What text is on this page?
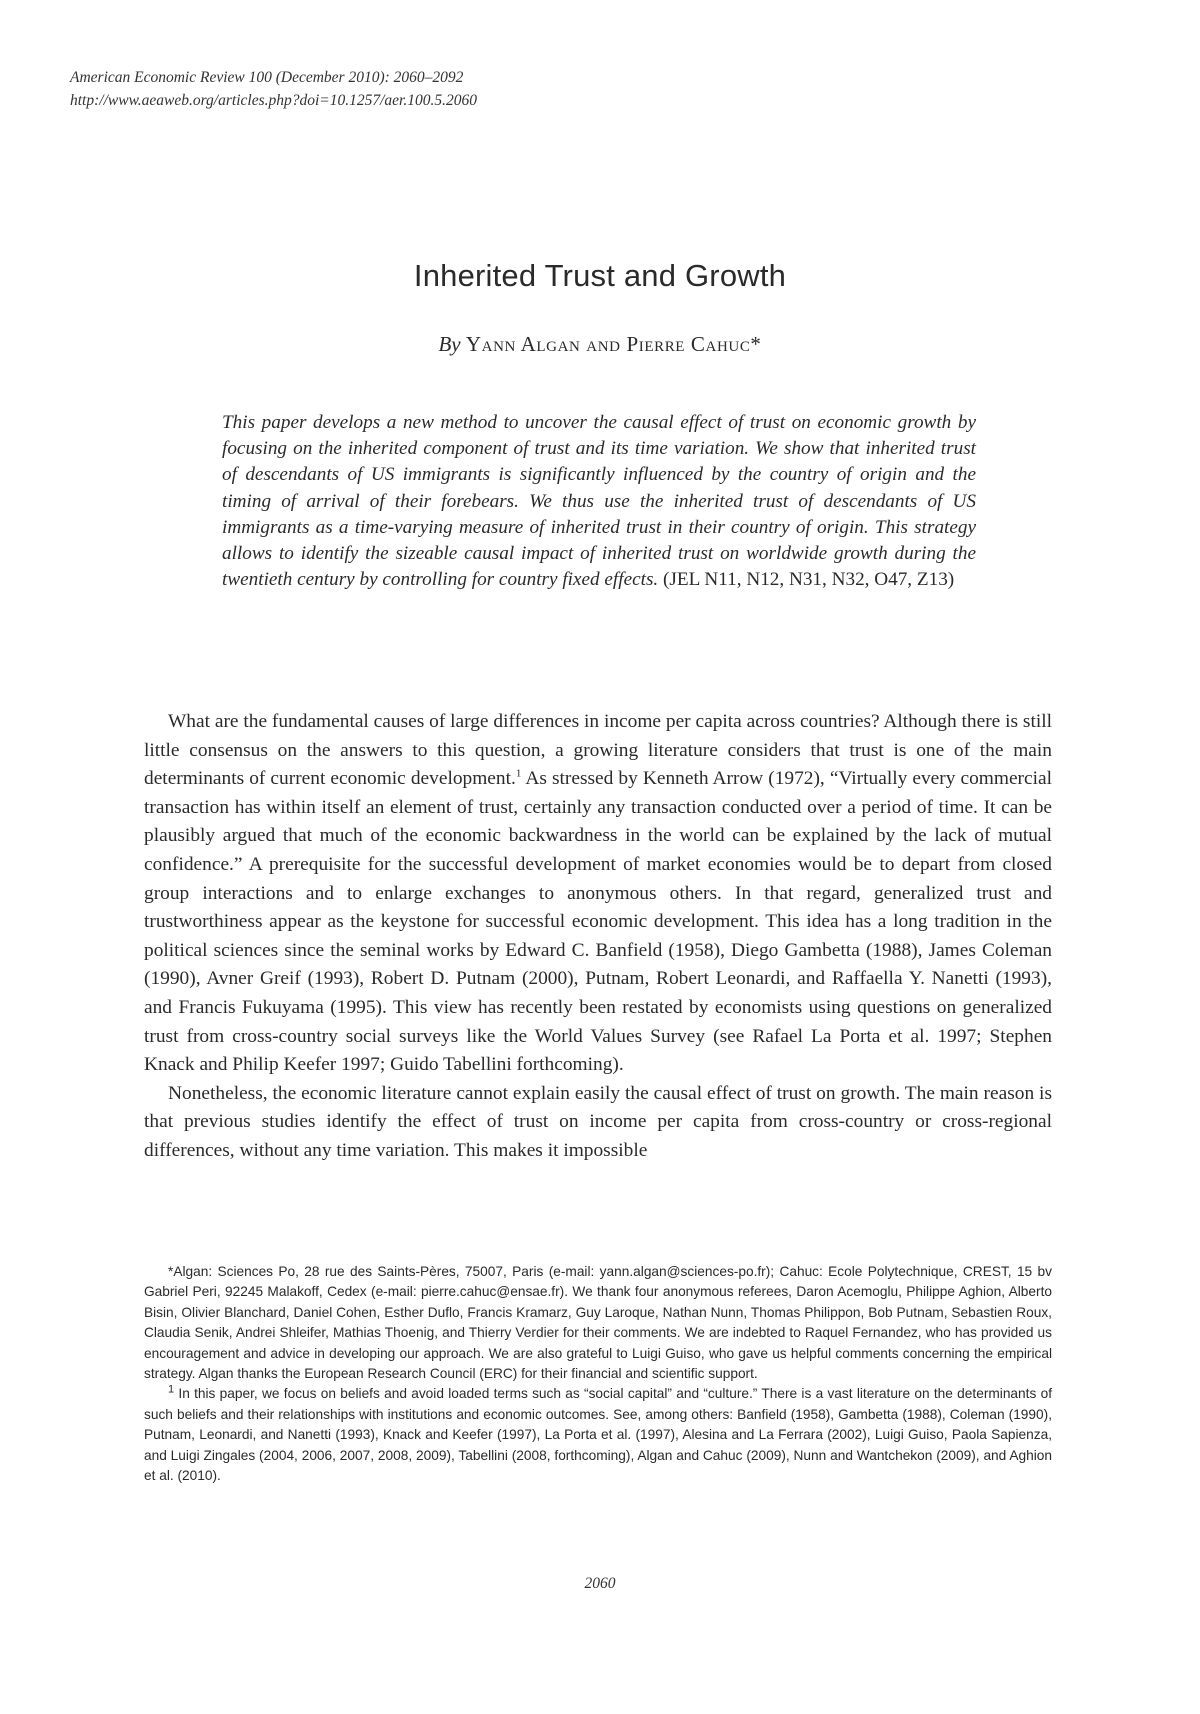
American Economic Review 100 (December 2010): 2060–2092
http://www.aeaweb.org/articles.php?doi=10.1257/aer.100.5.2060
Inherited Trust and Growth
By Yann Algan and Pierre Cahuc*
This paper develops a new method to uncover the causal effect of trust on economic growth by focusing on the inherited component of trust and its time variation. We show that inherited trust of descendants of US immigrants is significantly influenced by the country of origin and the timing of arrival of their forebears. We thus use the inherited trust of descendants of US immigrants as a time-varying measure of inherited trust in their country of origin. This strategy allows to identify the sizeable causal impact of inherited trust on worldwide growth during the twentieth century by controlling for country fixed effects. (JEL N11, N12, N31, N32, O47, Z13)

What are the fundamental causes of large differences in income per capita across countries? Although there is still little consensus on the answers to this question, a growing literature considers that trust is one of the main determinants of current economic development.$^1$ As stressed by Kenneth Arrow (1972), “Virtually every commercial transaction has within itself an element of trust, certainly any transaction conducted over a period of time. It can be plausibly argued that much of the economic backwardness in the world can be explained by the lack of mutual confidence.” A prerequisite for the successful development of market economies would be to depart from closed group interactions and to enlarge exchanges to anonymous others. In that regard, generalized trust and trustworthiness appear as the keystone for successful economic development. This idea has a long tradition in the political sciences since the seminal works by Edward C. Banfield (1958), Diego Gambetta (1988), James Coleman (1990), Avner Greif (1993), Robert D. Putnam (2000), Putnam, Robert Leonardi, and Raffaella Y. Nanetti (1993), and Francis Fukuyama (1995). This view has recently been restated by economists using questions on generalized trust from cross-country social surveys like the World Values Survey (see Rafael La Porta et al. 1997; Stephen Knack and Philip Keefer 1997; Guido Tabellini forthcoming).

Nonetheless, the economic literature cannot explain easily the causal effect of trust on growth. The main reason is that previous studies identify the effect of trust on income per capita from cross-country or cross-regional differences, without any time variation. This makes it impossible

*Algan: Sciences Po, 28 rue des Saints-Pères, 75007, Paris (e-mail: yann.algan@sciences-po.fr); Cahuc: Ecole Polytechnique, CREST, 15 bv Gabriel Peri, 92245 Malakoff, Cedex (e-mail: pierre.cahuc@ensae.fr). We thank four anonymous referees, Daron Acemoglu, Philippe Aghion, Alberto Bisin, Olivier Blanchard, Daniel Cohen, Esther Duflo, Francis Kramarz, Guy Laroque, Nathan Nunn, Thomas Philippon, Bob Putnam, Sebastien Roux, Claudia Senik, Andrei Shleifer, Mathias Thoenig, and Thierry Verdier for their comments. We are indebted to Raquel Fernandez, who has provided us encouragement and advice in developing our approach. We are also grateful to Luigi Guiso, who gave us helpful comments concerning the empirical strategy. Algan thanks the European Research Council (ERC) for their financial and scientific support.

$^1$ In this paper, we focus on beliefs and avoid loaded terms such as “social capital” and “culture.” There is a vast literature on the determinants of such beliefs and their relationships with institutions and economic outcomes. See, among others: Banfield (1958), Gambetta (1988), Coleman (1990), Putnam, Leonardi, and Nanetti (1993), Knack and Keefer (1997), La Porta et al. (1997), Alesina and La Ferrara (2002), Luigi Guiso, Paola Sapienza, and Luigi Zingales (2004, 2006, 2007, 2008, 2009), Tabellini (2008, forthcoming), Algan and Cahuc (2009), Nunn and Wantchekon (2009), and Aghion et al. (2010).

2060
